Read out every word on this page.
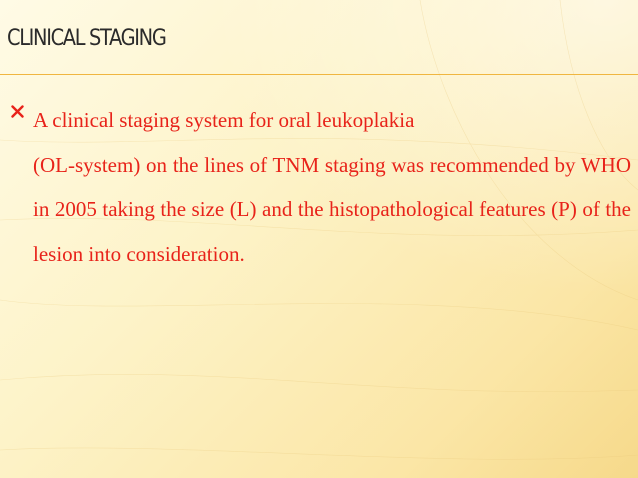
CLINICAL STAGING

A clinical staging system for oral leukoplakia
(OL-system) on the lines of TNM staging was recommended by WHO in 2005 taking the size (L) and the histopathological features (P) of the lesion into consideration.
